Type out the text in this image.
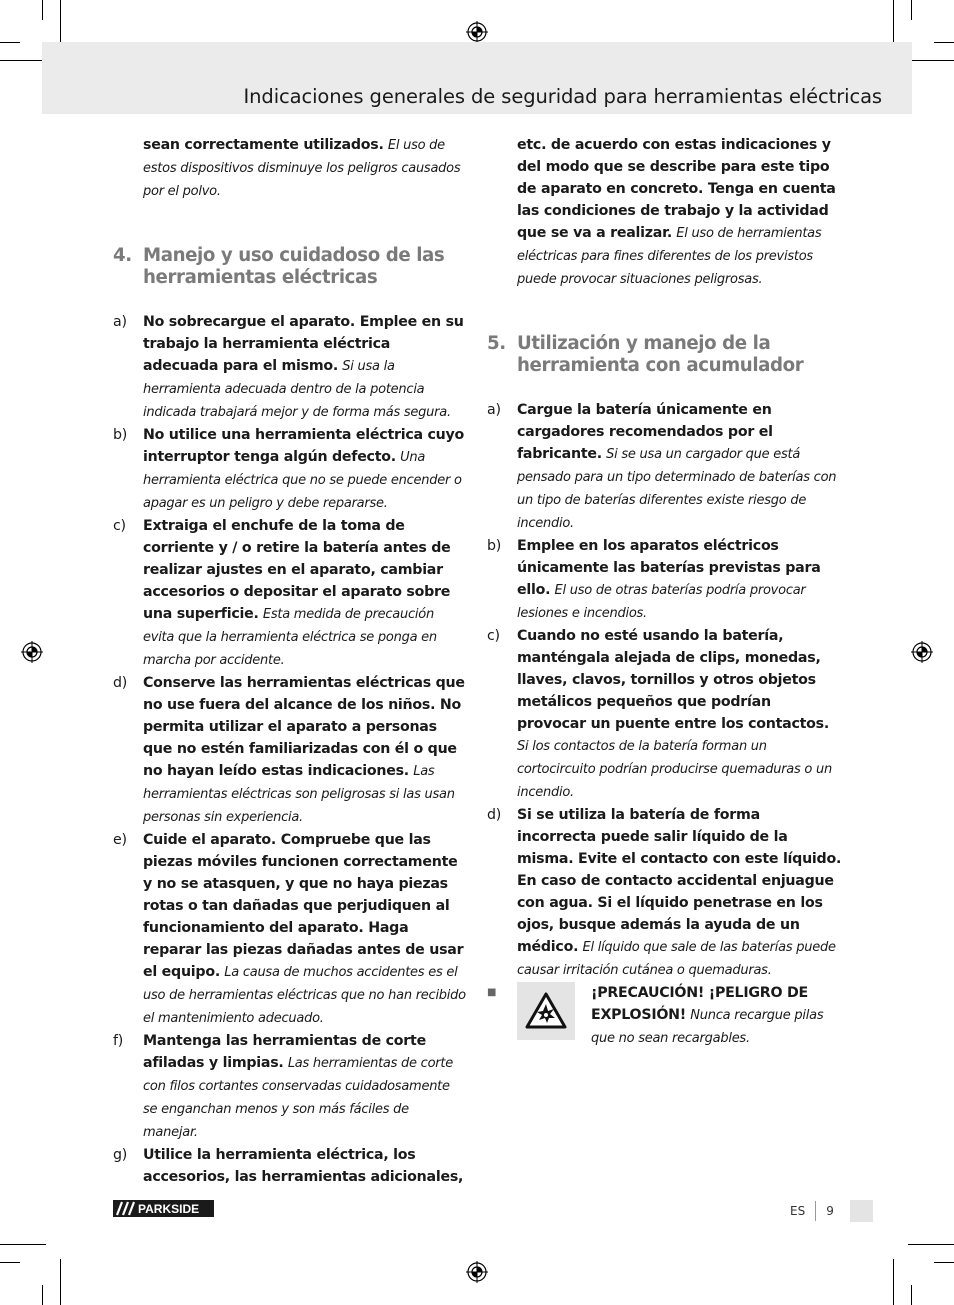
Indicaciones generales de seguridad para herramientas eléctricas

sean correctamente utilizados. El uso de estos dispositivos disminuye los peligros causados por el polvo.

4. Manejo y uso cuidadoso de las herramientas eléctricas
a)	No sobrecargue el aparato. Emplee en su trabajo la herramienta eléctrica adecuada para el mismo. Si usa la herramienta adecuada dentro de la potencia indicada trabajará mejor y de forma más segura.

b)	No utilice una herramienta eléctrica cuyo interruptor tenga algún defecto. Una herramienta eléctrica que no se puede encender o apagar es un peligro y debe repararse.

c)	Extraiga el enchufe de la toma de corriente y / o retire la batería antes de realizar ajustes en el aparato, cambiar accesorios o depositar el aparato sobre una superficie. Esta medida de precaución evita que la herramienta eléctrica se ponga en marcha por accidente.

d)	Conserve las herramientas eléctricas que no use fuera del alcance de los niños. No permita utilizar el aparato a personas que no estén familiarizadas con él o que no hayan leído estas indicaciones. Las herramientas eléctricas son peligrosas si las usan personas sin experiencia.

e)	Cuide el aparato. Compruebe que las piezas móviles funcionen correctamente y no se atasquen, y que no haya piezas rotas o tan dañadas que perjudiquen al funcionamiento del aparato. Haga reparar las piezas dañadas antes de usar el equipo. La causa de muchos accidentes es el uso de herramientas eléctricas que no han recibido el mantenimiento adecuado.

f)	Mantenga las herramientas de corte afiladas y limpias. Las herramientas de corte con filos cortantes conservadas cuidadosamente se enganchan menos y son más fáciles de manejar.

g)	Utilice la herramienta eléctrica, los accesorios, las herramientas adicionales,

etc. de acuerdo con estas indicaciones y del modo que se describe para este tipo de aparato en concreto. Tenga en cuenta las condiciones de trabajo y la actividad que se va a realizar. El uso de herramientas eléctricas para fines diferentes de los previstos puede provocar situaciones peligrosas.

5. Utilización y manejo de la herramienta con acumulador
a)	Cargue la batería únicamente en cargadores recomendados por el fabricante. Si se usa un cargador que está pensado para un tipo determinado de baterías con un tipo de baterías diferentes existe riesgo de incendio.

b)	Emplee en los aparatos eléctricos únicamente las baterías previstas para ello. El uso de otras baterías podría provocar lesiones e incendios.

c)	Cuando no esté usando la batería, manténgala alejada de clips, monedas, llaves, clavos, tornillos y otros objetos metálicos pequeños que podrían provocar un puente entre los contactos. Si los contactos de la batería forman un cortocircuito podrían producirse quemaduras o un incendio.

d)	Si se utiliza la batería de forma incorrecta puede salir líquido de la misma. Evite el contacto con este líquido. En caso de contacto accidental enjuague con agua. Si el líquido penetrase en los ojos, busque además la ayuda de un médico. El líquido que sale de las baterías puede causar irritación cutánea o quemaduras.

■	¡PRECAUCIÓN! ¡PELIGRO DE EXPLOSIÓN! Nunca recargue pilas que no sean recargables.

PARKSIDE	ES 9
